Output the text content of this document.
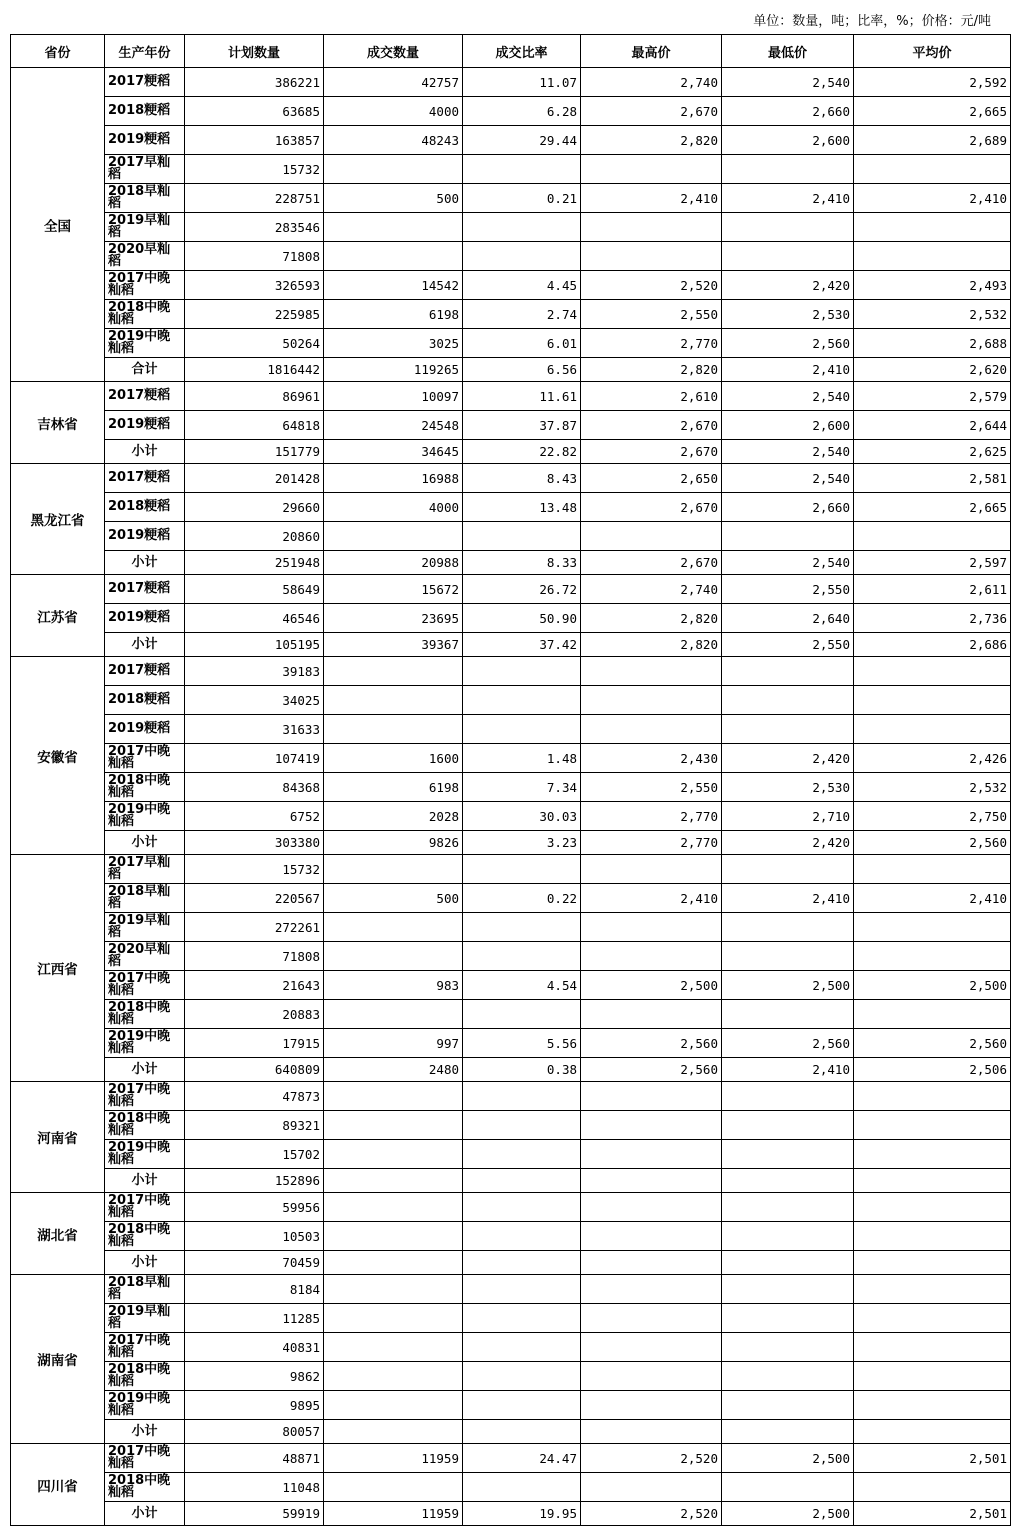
单位：数量，吨；比率，%；价格：元/吨
省份	生产年份	计划数量	成交数量	成交比率	最高价	最低价	平均价
全国	2017粳稻	386221	42757	11.07	2,740	2,540	2,592
	2018粳稻	63685	4000	6.28	2,670	2,660	2,665
	2019粳稻	163857	48243	29.44	2,820	2,600	2,689
	2017早籼稻	15732					
	2018早籼稻	228751	500	0.21	2,410	2,410	2,410
	2019早籼稻	283546					
	2020早籼稻	71808					
	2017中晚籼稻	326593	14542	4.45	2,520	2,420	2,493
	2018中晚籼稻	225985	6198	2.74	2,550	2,530	2,532
	2019中晚籼稻	50264	3025	6.01	2,770	2,560	2,688
	合计	1816442	119265	6.56	2,820	2,410	2,620
吉林省	2017粳稻	86961	10097	11.61	2,610	2,540	2,579
	2019粳稻	64818	24548	37.87	2,670	2,600	2,644
	小计	151779	34645	22.82	2,670	2,540	2,625
黑龙江省	2017粳稻	201428	16988	8.43	2,650	2,540	2,581
	2018粳稻	29660	4000	13.48	2,670	2,660	2,665
	2019粳稻	20860					
	小计	251948	20988	8.33	2,670	2,540	2,597
江苏省	2017粳稻	58649	15672	26.72	2,740	2,550	2,611
	2019粳稻	46546	23695	50.90	2,820	2,640	2,736
	小计	105195	39367	37.42	2,820	2,550	2,686
安徽省	2017粳稻	39183					
	2018粳稻	34025					
	2019粳稻	31633					
	2017中晚籼稻	107419	1600	1.48	2,430	2,420	2,426
	2018中晚籼稻	84368	6198	7.34	2,550	2,530	2,532
	2019中晚籼稻	6752	2028	30.03	2,770	2,710	2,750
	小计	303380	9826	3.23	2,770	2,420	2,560
江西省	2017早籼稻	15732					
	2018早籼稻	220567	500	0.22	2,410	2,410	2,410
	2019早籼稻	272261					
	2020早籼稻	71808					
	2017中晚籼稻	21643	983	4.54	2,500	2,500	2,500
	2018中晚籼稻	20883					
	2019中晚籼稻	17915	997	5.56	2,560	2,560	2,560
	小计	640809	2480	0.38	2,560	2,410	2,506
河南省	2017中晚籼稻	47873					
	2018中晚籼稻	89321					
	2019中晚籼稻	15702					
	小计	152896					
湖北省	2017中晚籼稻	59956					
	2018中晚籼稻	10503					
	小计	70459					
湖南省	2018早籼稻	8184					
	2019早籼稻	11285					
	2017中晚籼稻	40831					
	2018中晚籼稻	9862					
	2019中晚籼稻	9895					
	小计	80057					
四川省	2017中晚籼稻	48871	11959	24.47	2,520	2,500	2,501
	2018中晚籼稻	11048					
	小计	59919	11959	19.95	2,520	2,500	2,501
